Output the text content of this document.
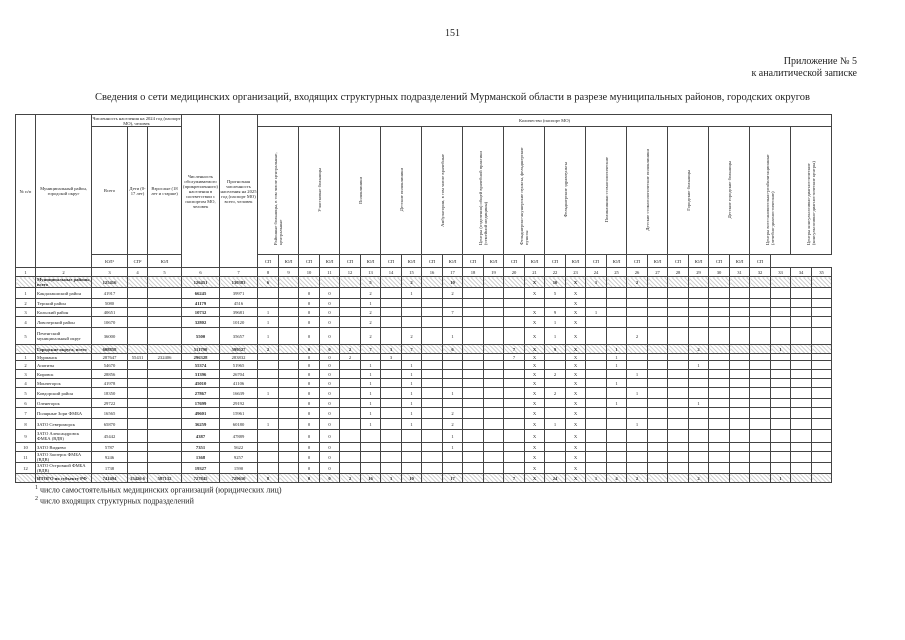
151
Приложение № 5
к аналитической записке
Сведения о сети медицинских организаций, входящих структурных подразделений Мурманской области в разрезе муниципальных районов, городских округов
№ п/п	Муниципальный район, городской округ	Численность населения на 2024 год (паспорт МО), человек			Численность обслуживаемого (прикрепленного) населения в соответствии с паспортом МО, человек	Прогнозная численность населения на 2025 год (паспорт МО) всего, человек	Количество (паспорт МО)																											
		Всего	Дети (0-17 лет)	Взрослые (18 лет и старше)			Районные больницы, в том числе центральные, центральные		Участковые больницы		Поликлиники		Детские поликлиники		Амбулатории, в том числе врачебные		Центры (отделения) общей врачебной практики (семейной медицины)		Фельдшерско-акушерские пункты, фельдшерские пункты		Фельдшерские здравпункты		Поликлиники стоматологические		Детские стоматологические поликлиники		Городские больницы		Детские городские больницы		Центры восстановительно-реабилитационные (лечебно-диагностические)		Центры консультативно-диагностические (консультативно-диагностические центры)	
		ЮЛ¹	СП²	ЮЛ			СП	ЮЛ	СП	ЮЛ	СП	ЮЛ	СП	ЮЛ	СП	ЮЛ	СП	ЮЛ	СП	ЮЛ	СП	ЮЛ	СП	ЮЛ	СП	ЮЛ	СП	ЮЛ	СП	ЮЛ	СП			
1	2	3	4	5	6	7	8	9	10	11	12	13	14	15	16	17	18	19	20	21	22	23	24	25	26	27	28	29	30	31	32	33	34	35
	Муниципальные районы, всего	125416			126451	130383	6					5		2		10				X	10	X	1		2									
1	Кандалакшский район	41917			66245	39971			0	0		2		1		2				X	5	X												
2	Терский район	5080			41179	4516			0	0		1										X												
3	Кольский район	40651			10732	39681	1		0	0		2				7				X	9	X	1											
4	Ловозерский район	10670			32802	10120	1		0	0		2								X	1	X												
5	Печенгский муниципальный округ	36000			5500	35657	1		0	0		2		2		1				X	1	X			2									
	Городские округа, всего	608858			511790	599527	2		0	0	2	7	3	7		6			7	X	9	X		1				2				1		
1	Мурманск	287647	55431	232406	296328	283832			0	0	2		3						7	X		X		1										
2	Апатиты	54670			55374	51965			0	0		1		1						X		X		1				1						
3	Кировск	28856			31396	26704			0	0		1		1						X	2	X			1									
4	Мончегорск	41978			45010	41106			0	0		1		1						X		X		1										
5	Ковдорский район	18350			27867	16639	1		0	0		1		1		1				X	2	X			1									
6	Оленегорск	29722			17699	29192			0	0		1		1						X		X		1				1						
7	Полярные Зори ФМБА	16565			49601	15961			0	0		1		1		2				X		X												
8	ЗАТО Североморск	65870			36259	60180	1		0	0		1		1		2				X	1	X			1									
9	ЗАТО Александровск ФМБА (ВДВ)	45442			4387	47889			0	0						1				X		X												
10	ЗАТО Видяево	5787			7351	5622			0	0						1				X		X												
11	ЗАТО Заозерск ФМБА (ВДВ)	9246			1368	9257			0	0										X		X												
12	ЗАТО Островной ФМБА (ВДВ)	1738			19327	1590			0	0										X		X												
	ИТОГО по субъекту РФ	741494	15426 6	587132	727845	729610	8		0	0	2	16	3	10		17			7	X	24	X	1	4	2			2				1		
$^1$ число самостоятельных медицинских организаций (юридических лиц)
$^2$ число входящих структурных подразделений
